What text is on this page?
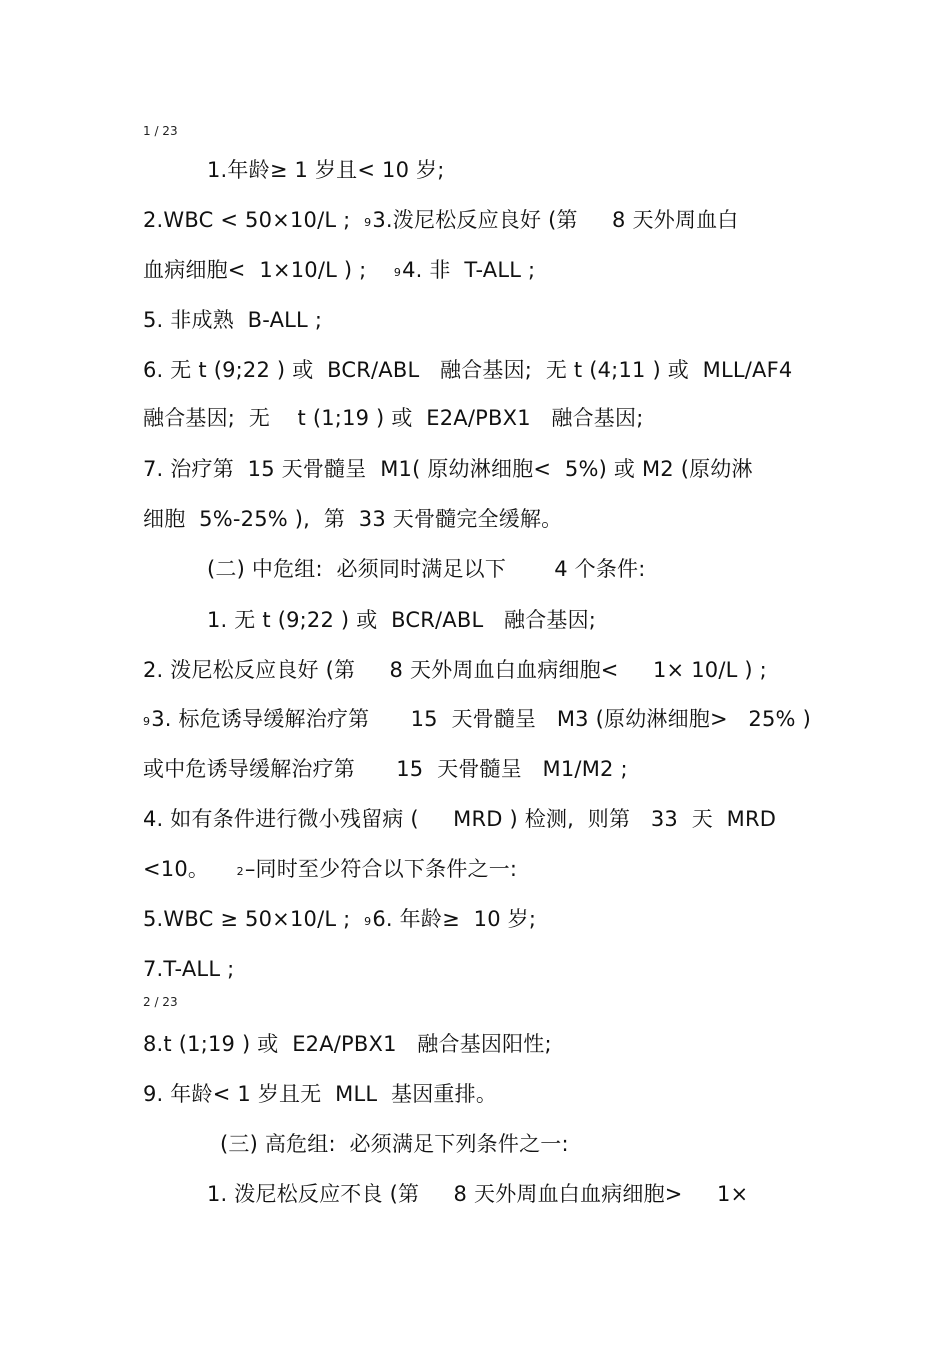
1 / 23
1.年龄≥ 1 岁且< 10 岁;
2.WBC < 50×10/L ;  93.泼尼松反应良好 (第     8 天外周血白
血病细胞<  1×10/L ) ;    94. 非  T-ALL ;
5. 非成熟  B-ALL ;
6. 无 t (9;22 ) 或  BCR/ABL   融合基因;  无 t (4;11 ) 或  MLL/AF4
融合基因;  无    t (1;19 ) 或  E2A/PBX1   融合基因;
7. 治疗第  15 天骨髓呈  M1( 原幼淋细胞<  5%) 或 M2 (原幼淋
细胞  5%-25% ),  第  33 天骨髓完全缓解。
(二) 中危组:  必须同时满足以下       4 个条件:
1. 无 t (9;22 ) 或  BCR/ABL   融合基因;
2. 泼尼松反应良好 (第     8 天外周血白血病细胞<     1× 10/L ) ;
93. 标危诱导缓解治疗第      15  天骨髓呈   M3 (原幼淋细胞>   25% )
或中危诱导缓解治疗第      15  天骨髓呈   M1/M2 ;
4. 如有条件进行微小残留病 (     MRD ) 检测,  则第   33  天  MRD
<10。    2–同时至少符合以下条件之一:
5.WBC ≥ 50×10/L ;  96. 年龄≥  10 岁;
7.T-ALL ;
2 / 23
8.t (1;19 ) 或  E2A/PBX1   融合基因阳性;
9. 年龄< 1 岁且无  MLL  基因重排。
(三) 高危组:  必须满足下列条件之一:
1. 泼尼松反应不良 (第     8 天外周血白血病细胞>     1×
